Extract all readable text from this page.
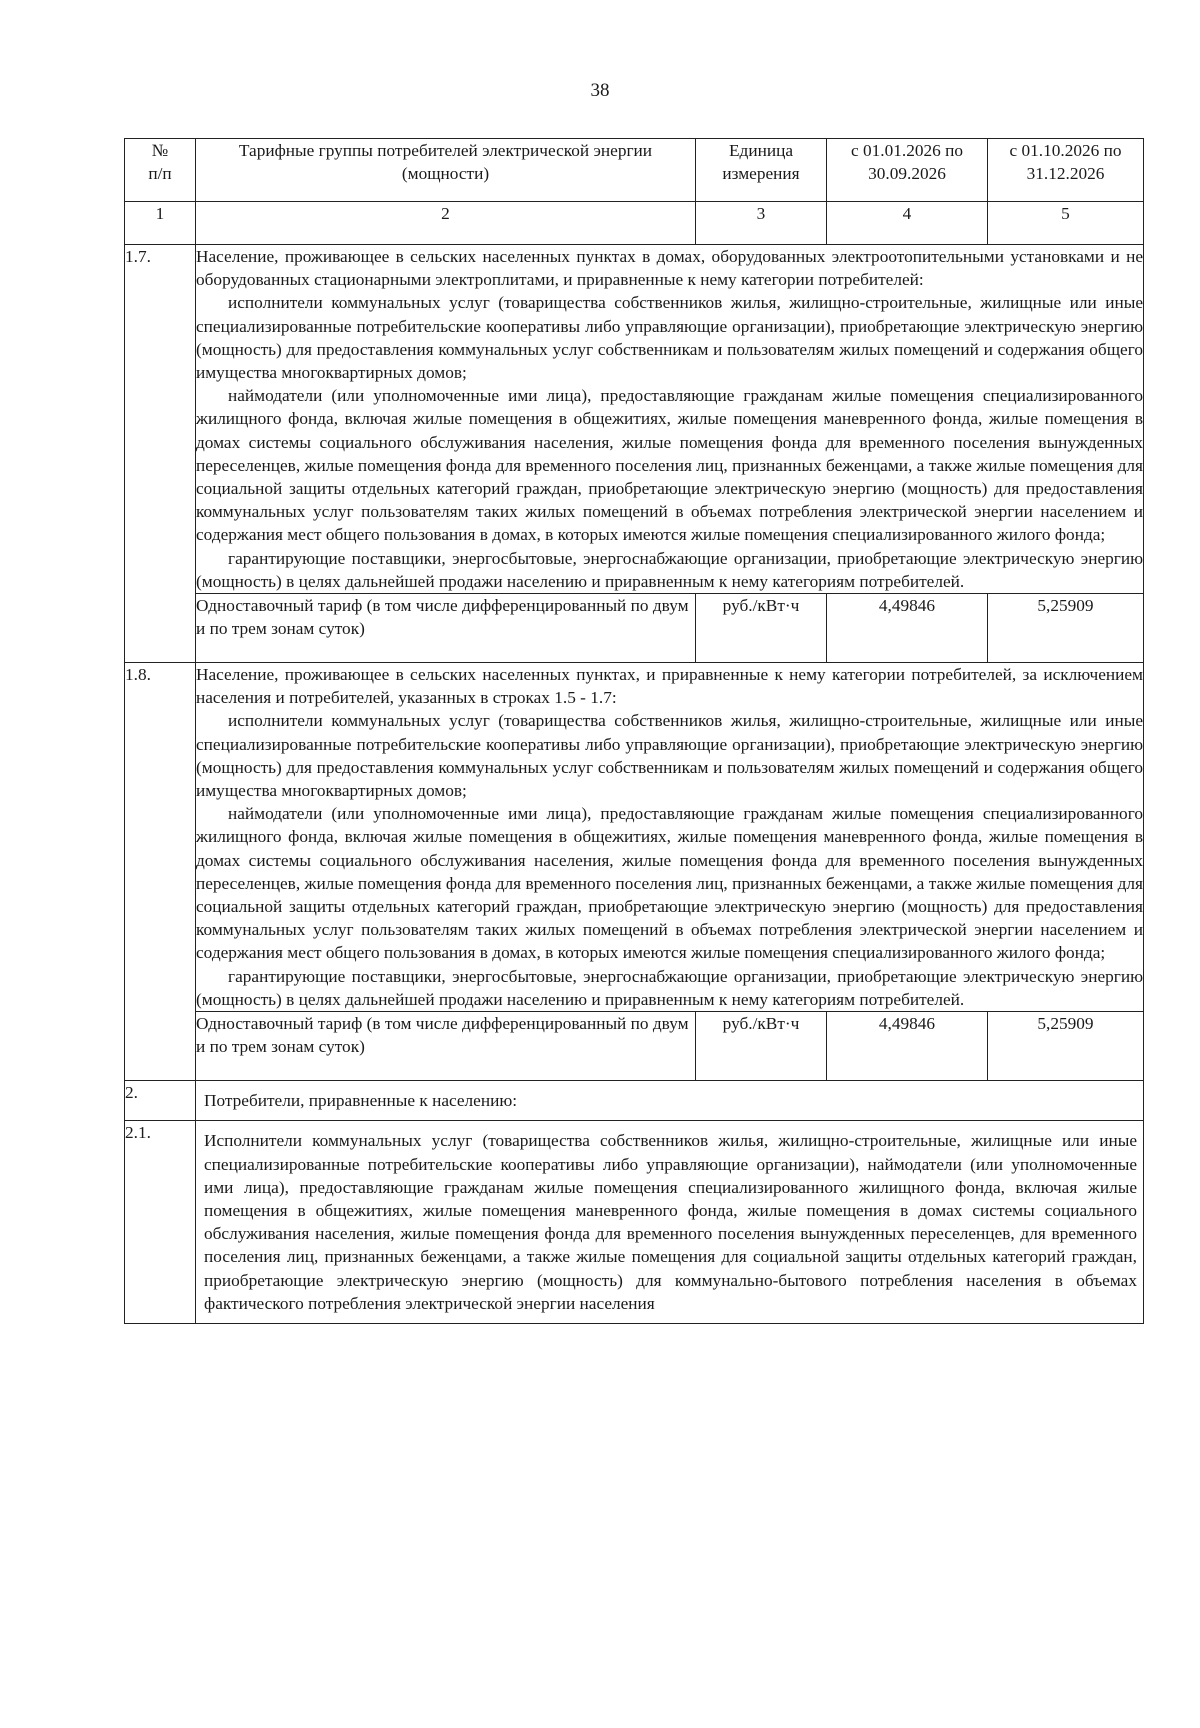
38
№
п/п	Тарифные группы потребителей электрической энергии (мощности)	Единица измерения	с 01.01.2026 по 30.09.2026	с 01.10.2026 по 31.12.2026
1	2	3	4	5
1.7.	Население, проживающее в сельских населенных пунктах в домах, оборудованных электроотопительными установками и не оборудованных стационарными электроплитами, и приравненные к нему категории потребителей:

исполнители коммунальных услуг (товарищества собственников жилья, жилищно-строительные, жилищные или иные специализированные потребительские кооперативы либо управляющие организации), приобретающие электрическую энергию (мощность) для предоставления коммунальных услуг собственникам и пользователям жилых помещений и содержания общего имущества многоквартирных домов;

наймодатели (или уполномоченные ими лица), предоставляющие гражданам жилые помещения специализированного жилищного фонда, включая жилые помещения в общежитиях, жилые помещения маневренного фонда, жилые помещения в домах системы социального обслуживания населения, жилые помещения фонда для временного поселения вынужденных переселенцев, жилые помещения фонда для временного поселения лиц, признанных беженцами, а также жилые помещения для социальной защиты отдельных категорий граждан, приобретающие электрическую энергию (мощность) для предоставления коммунальных услуг пользователям таких жилых помещений в объемах потребления электрической энергии населением и содержания мест общего пользования в домах, в которых имеются жилые помещения специализированного жилого фонда;

гарантирующие поставщики, энергосбытовые, энергоснабжающие организации, приобретающие электрическую энергию (мощность) в целях дальнейшей продажи населению и приравненным к нему категориям потребителей.			

	Одноставочный тариф (в том числе дифференцированный по двум и по трем зонам суток)	руб./кВт·ч	4,49846	5,25909
1.8.	Население, проживающее в сельских населенных пунктах, и приравненные к нему категории потребителей, за исключением населения и потребителей, указанных в строках 1.5 - 1.7:

исполнители коммунальных услуг (товарищества собственников жилья, жилищно-строительные, жилищные или иные специализированные потребительские кооперативы либо управляющие организации), приобретающие электрическую энергию (мощность) для предоставления коммунальных услуг собственникам и пользователям жилых помещений и содержания общего имущества многоквартирных домов;

наймодатели (или уполномоченные ими лица), предоставляющие гражданам жилые помещения специализированного жилищного фонда, включая жилые помещения в общежитиях, жилые помещения маневренного фонда, жилые помещения в домах системы социального обслуживания населения, жилые помещения фонда для временного поселения вынужденных переселенцев, жилые помещения фонда для временного поселения лиц, признанных беженцами, а также жилые помещения для социальной защиты отдельных категорий граждан, приобретающие электрическую энергию (мощность) для предоставления коммунальных услуг пользователям таких жилых помещений в объемах потребления электрической энергии населением и содержания мест общего пользования в домах, в которых имеются жилые помещения специализированного жилого фонда;

гарантирующие поставщики, энергосбытовые, энергоснабжающие организации, приобретающие электрическую энергию (мощность) в целях дальнейшей продажи населению и приравненным к нему категориям потребителей.			

	Одноставочный тариф (в том числе дифференцированный по двум и по трем зонам суток)	руб./кВт·ч	4,49846	5,25909
2.	Потребители, приравненные к населению:			

2.1.	Исполнители коммунальных услуг (товарищества собственников жилья, жилищно-строительные, жилищные или иные специализированные потребительские кооперативы либо управляющие организации), наймодатели (или уполномоченные ими лица), предоставляющие гражданам жилые помещения специализированного жилищного фонда, включая жилые помещения в общежитиях, жилые помещения маневренного фонда, жилые помещения в домах системы социального обслуживания населения, жилые помещения фонда для временного поселения вынужденных переселенцев, для временного поселения лиц, признанных беженцами, а также жилые помещения для социальной защиты отдельных категорий граждан, приобретающие электрическую энергию (мощность) для коммунально-бытового потребления населения в объемах фактического потребления электрической энергии населения			
